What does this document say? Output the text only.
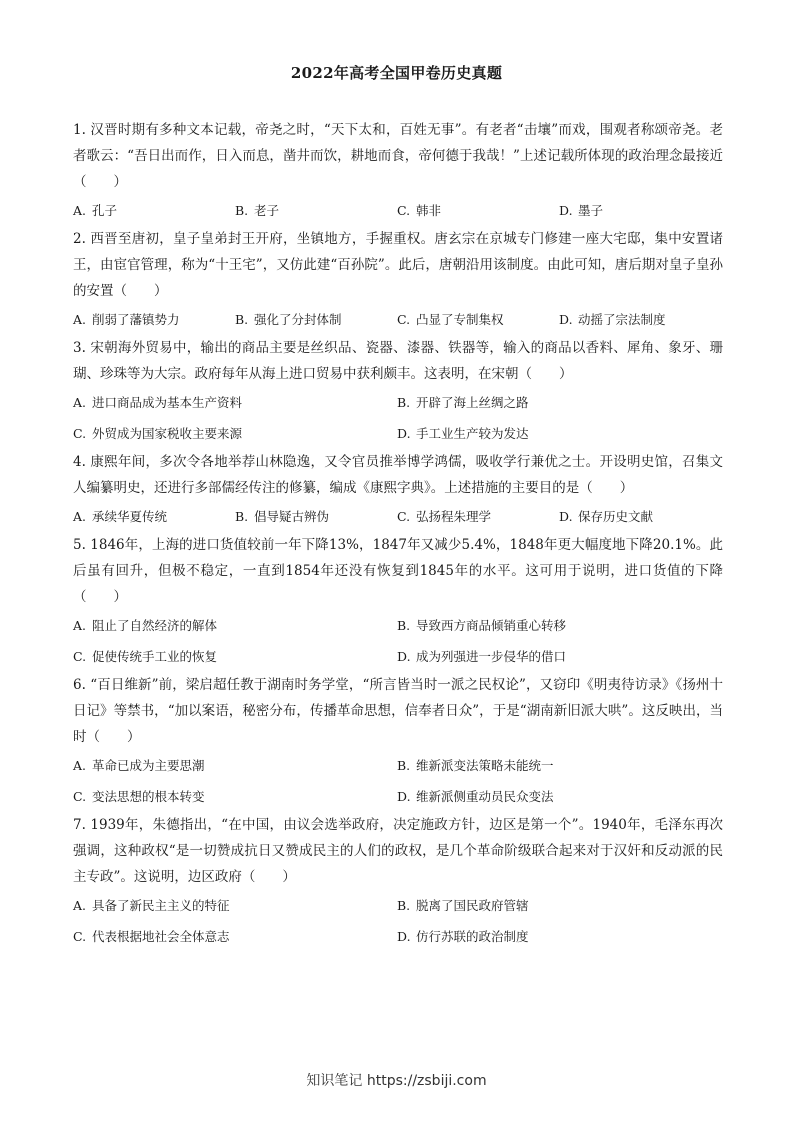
2022年高考全国甲卷历史真题

1. 汉晋时期有多种文本记载，帝尧之时，“天下太和，百姓无事”。有老者“击壤”而戏，围观者称颂帝尧。老者歌云：“吾日出而作，日入而息，凿井而饮，耕地而食，帝何德于我哉！”上述记载所体现的政治理念最接近（　　）

A. 孔子	B. 老子	C. 韩非	D. 墨子

2. 西晋至唐初，皇子皇弟封王开府，坐镇地方，手握重权。唐玄宗在京城专门修建一座大宅邸，集中安置诸王，由宦官管理，称为“十王宅”，又仿此建“百孙院”。此后，唐朝沿用该制度。由此可知，唐后期对皇子皇孙的安置（　　）

A. 削弱了藩镇势力	B. 强化了分封体制	C. 凸显了专制集权	D. 动摇了宗法制度

3. 宋朝海外贸易中，输出的商品主要是丝织品、瓷器、漆器、铁器等，输入的商品以香料、犀角、象牙、珊瑚、珍珠等为大宗。政府每年从海上进口贸易中获利颇丰。这表明，在宋朝（　　）

A. 进口商品成为基本生产资料	B. 开辟了海上丝绸之路
C. 外贸成为国家税收主要来源	D. 手工业生产较为发达

4. 康熙年间，多次令各地举荐山林隐逸，又令官员推举博学鸿儒，吸收学行兼优之士。开设明史馆，召集文人编纂明史，还进行多部儒经传注的修纂，编成《康熙字典》。上述措施的主要目的是（　　）

A. 承续华夏传统	B. 倡导疑古辨伪	C. 弘扬程朱理学	D. 保存历史文献

5. 1846年，上海的进口货值较前一年下降13%，1847年又减少5.4%，1848年更大幅度地下降20.1%。此后虽有回升，但极不稳定，一直到1854年还没有恢复到1845年的水平。这可用于说明，进口货值的下降（　　）

A. 阻止了自然经济的解体	B. 导致西方商品倾销重心转移
C. 促使传统手工业的恢复	D. 成为列强进一步侵华的借口

6. “百日维新”前，梁启超任教于湖南时务学堂，“所言皆当时一派之民权论”，又窃印《明夷待访录》《扬州十日记》等禁书，“加以案语，秘密分布，传播革命思想，信奉者日众”，于是“湖南新旧派大哄”。这反映出，当时（　　）

A. 革命已成为主要思潮	B. 维新派变法策略未能统一
C. 变法思想的根本转变	D. 维新派侧重动员民众变法

7. 1939年，朱德指出，“在中国，由议会选举政府，决定施政方针，边区是第一个”。1940年，毛泽东再次强调，这种政权“是一切赞成抗日又赞成民主的人们的政权，是几个革命阶级联合起来对于汉奸和反动派的民主专政”。这说明，边区政府（　　）

A. 具备了新民主主义的特征	B. 脱离了国民政府管辖
C. 代表根据地社会全体意志	D. 仿行苏联的政治制度
知识笔记 https://zsbiji.com
